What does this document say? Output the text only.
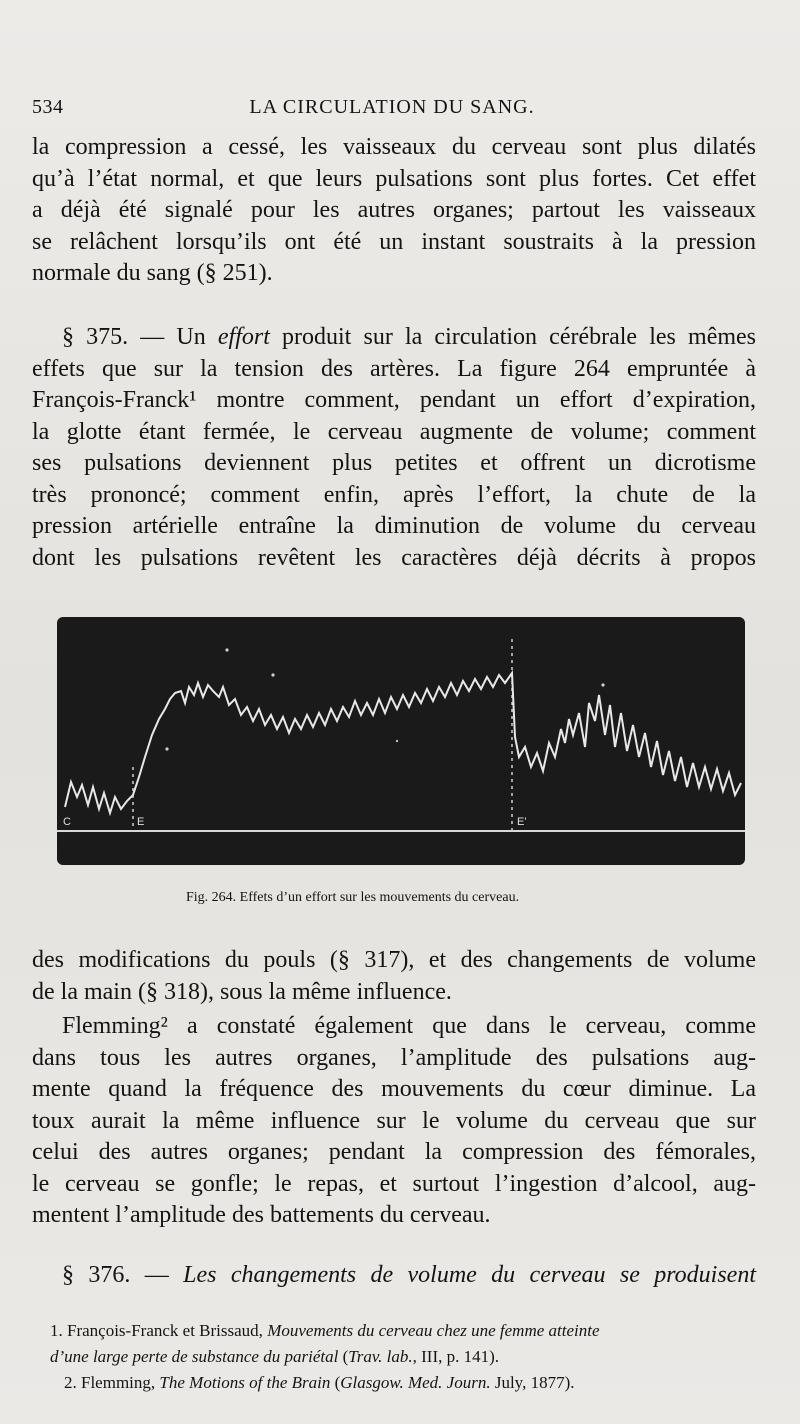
534	LA CIRCULATION DU SANG.

la compression a cessé, les vaisseaux du cerveau sont plus dilatés
qu’à l’état normal, et que leurs pulsations sont plus fortes. Cet effet
a déjà été signalé pour les autres organes; partout les vaisseaux
se relâchent lorsqu’ils ont été un instant soustraits à la pression
normale du sang (§ 251).

§ 375. — Un effort produit sur la circulation cérébrale les mêmes
effets que sur la tension des artères. La figure 264 empruntée à
François-Franck¹ montre comment, pendant un effort d’expiration,
la glotte étant fermée, le cerveau augmente de volume; comment
ses pulsations deviennent plus petites et offrent un dicrotisme
très prononcé; comment enfin, après l’effort, la chute de la
pression artérielle entraîne la diminution de volume du cerveau
dont les pulsations revêtent les caractères déjà décrits à propos

C	E	E'
Fig. 264. Effets d’un effort sur les mouvements du cerveau.

des modifications du pouls (§ 317), et des changements de volume
de la main (§ 318), sous la même influence.

Flemming² a constaté également que dans le cerveau, comme
dans tous les autres organes, l’amplitude des pulsations aug-
mente quand la fréquence des mouvements du cœur diminue. La
toux aurait la même influence sur le volume du cerveau que sur
celui des autres organes; pendant la compression des fémorales,
le cerveau se gonfle; le repas, et surtout l’ingestion d’alcool, aug-
mentent l’amplitude des battements du cerveau.

§ 376. — Les changements de volume du cerveau se produisent

1. François-Franck et Brissaud, Mouvements du cerveau chez une femme atteinte
d’une large perte de substance du pariétal (Trav. lab., III, p. 141).
2. Flemming, The Motions of the Brain (Glasgow. Med. Journ. July, 1877).
